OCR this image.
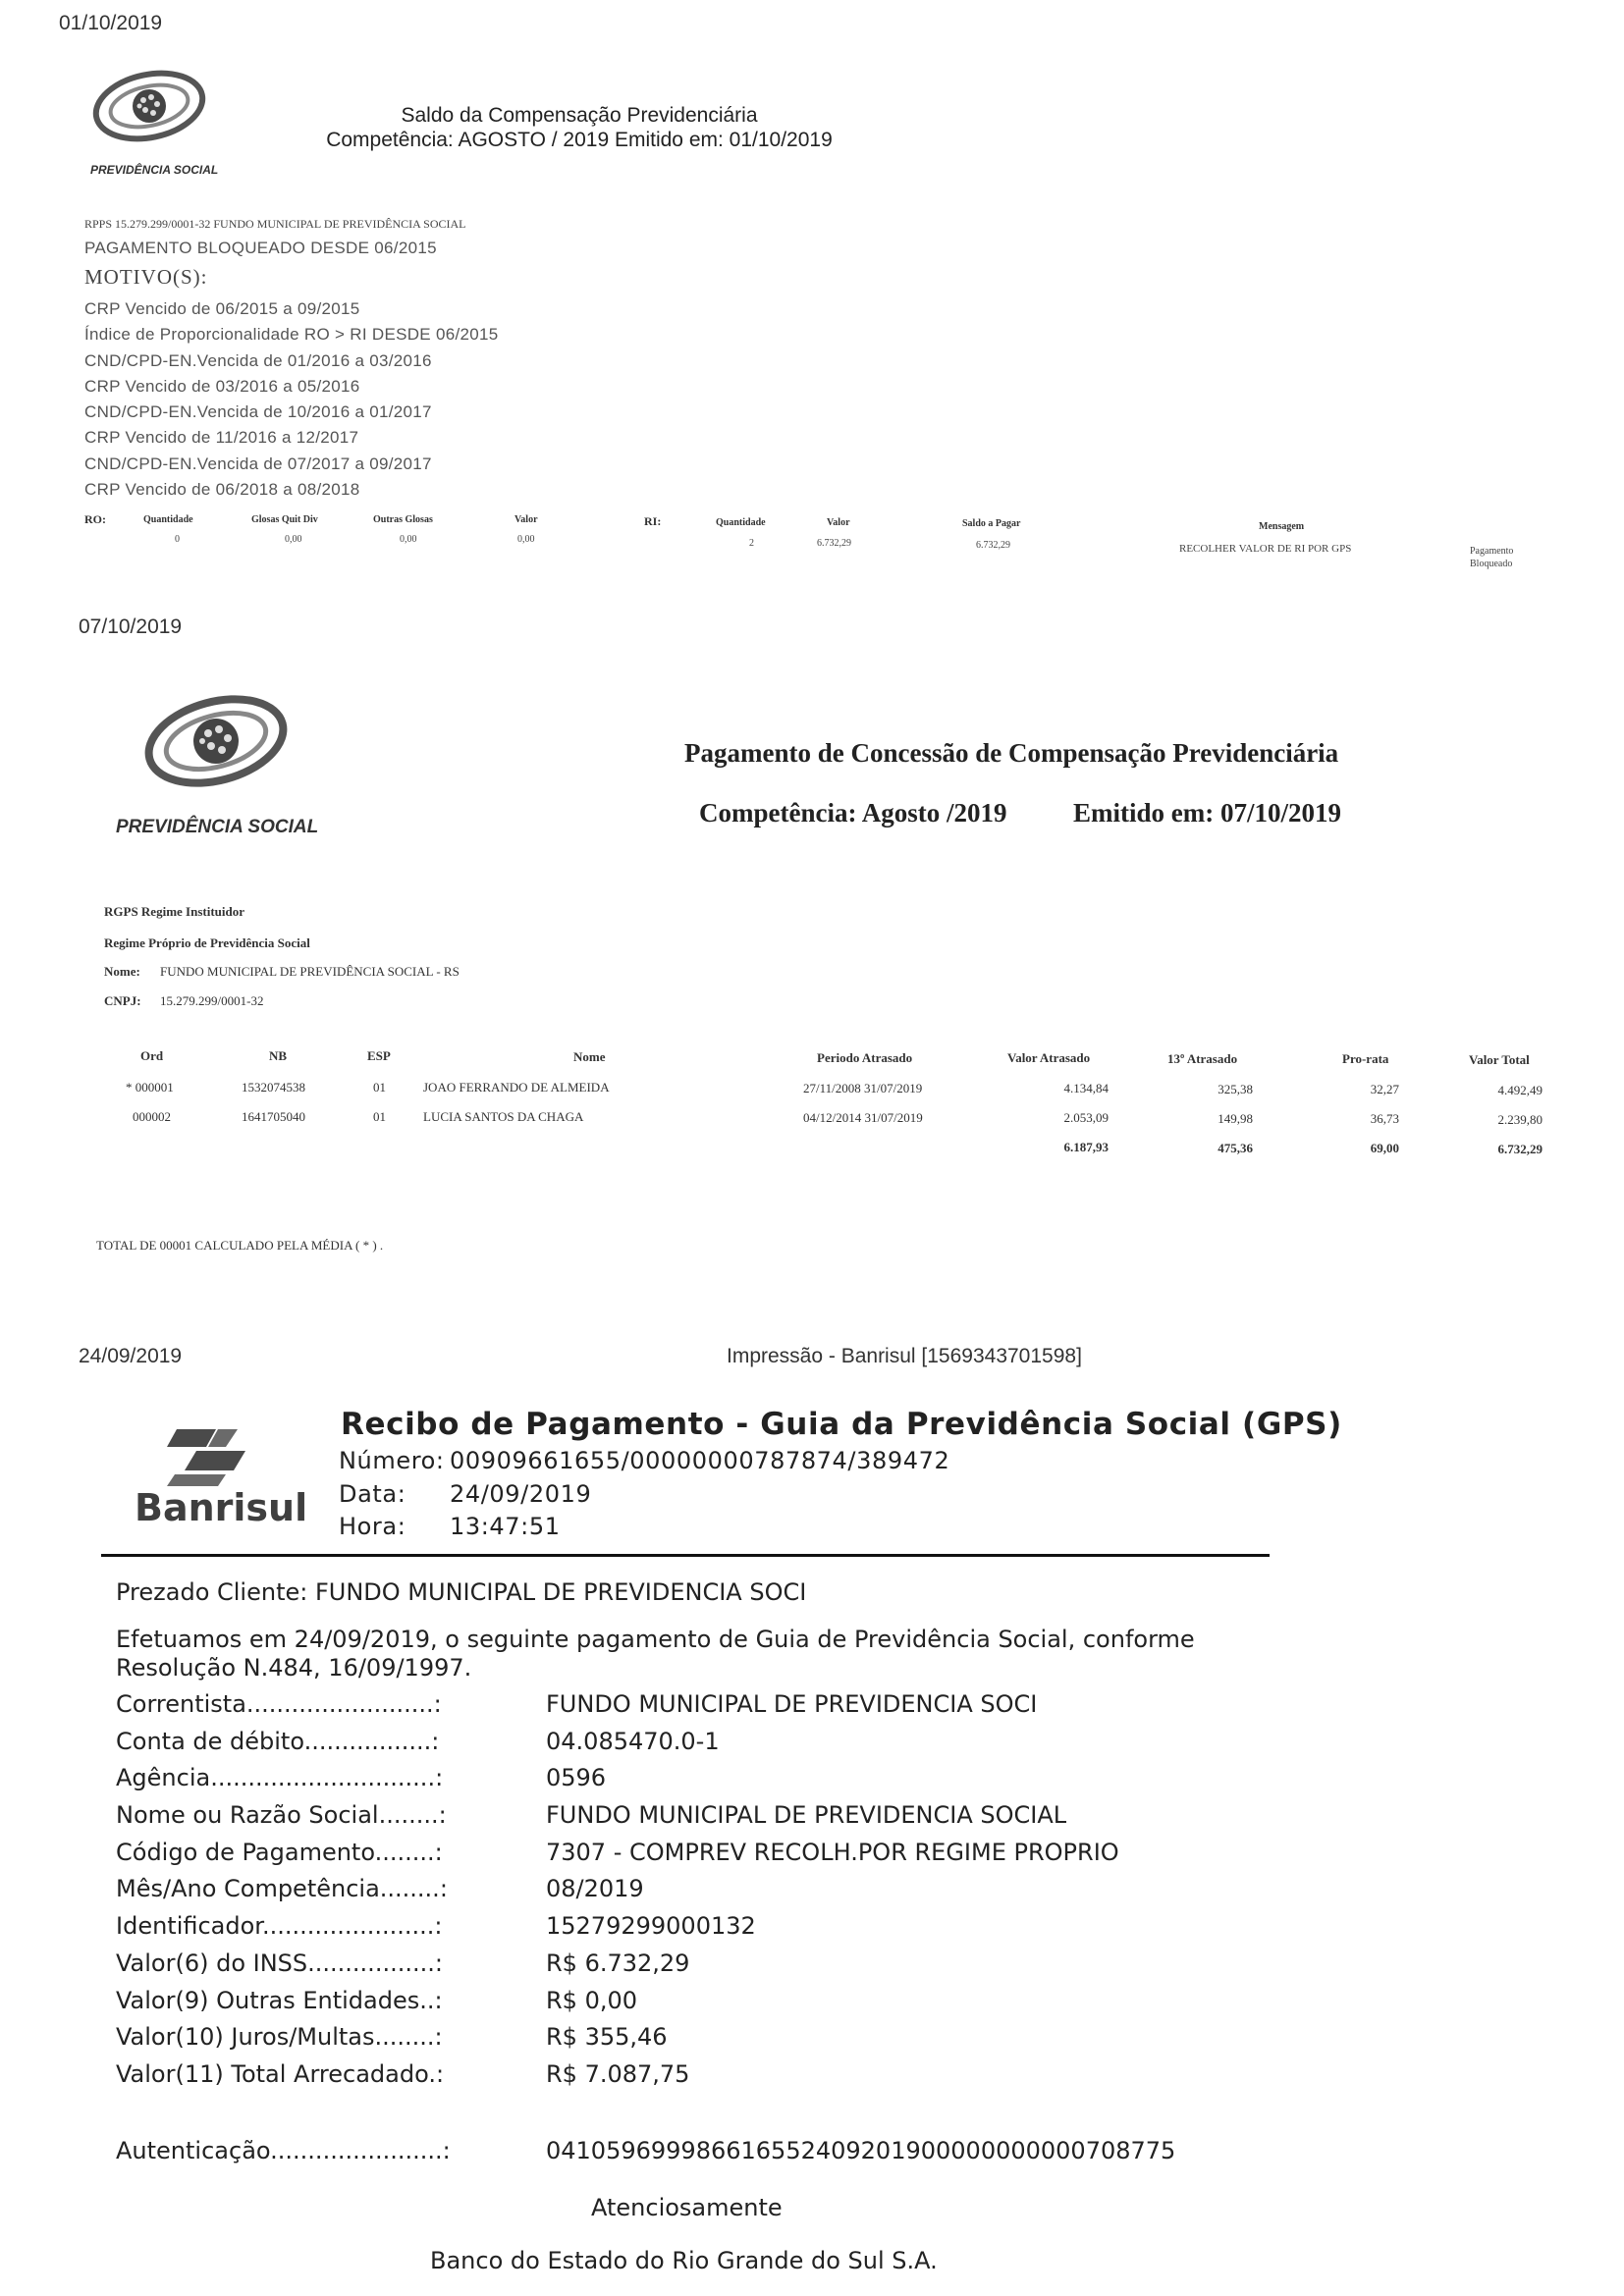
01/10/2019
PREVIDÊNCIA SOCIAL
Saldo da Compensação Previdenciária
Competência: AGOSTO / 2019 Emitido em: 01/10/2019
RPPS 15.279.299/0001-32 FUNDO MUNICIPAL DE PREVIDÊNCIA SOCIAL
PAGAMENTO BLOQUEADO DESDE 06/2015
MOTIVO(S):
CRP Vencido de 06/2015 a 09/2015
Índice de Proporcionalidade RO > RI DESDE 06/2015
CND/CPD-EN.Vencida de 01/2016 a 03/2016
CRP Vencido de 03/2016 a 05/2016
CND/CPD-EN.Vencida de 10/2016 a 01/2017
CRP Vencido de 11/2016 a 12/2017
CND/CPD-EN.Vencida de 07/2017 a 09/2017
CRP Vencido de 06/2018 a 08/2018
RO:	Quantidade	Glosas Quit Div	Outras Glosas	Valor	RI:	Quantidade	Valor	Saldo a Pagar	Mensagem
0	0,00	0,00	0,00	2	6.732,29	6.732,29	RECOLHER VALOR DE RI POR GPS	Pagamento
Bloqueado
07/10/2019
PREVIDÊNCIA SOCIAL
Pagamento de Concessão de Compensação Previdenciária
Competência: Agosto /2019	Emitido em: 07/10/2019
RGPS Regime Instituidor
Regime Próprio de Previdência Social
Nome: FUNDO MUNICIPAL DE PREVIDÊNCIA SOCIAL - RS
CNPJ: 15.279.299/0001-32
Ord	NB	ESP	Nome	Periodo Atrasado	Valor Atrasado	13º Atrasado	Pro-rata	Valor Total
* 000001	1532074538	01	JOAO FERRANDO DE ALMEIDA	27/11/2008 31/07/2019	4.134,84	325,38	32,27	4.492,49
000002	1641705040	01	LUCIA SANTOS DA CHAGA	04/12/2014 31/07/2019	2.053,09	149,98	36,73	2.239,80
6.187,93	475,36	69,00	6.732,29
TOTAL DE 00001 CALCULADO PELA MÉDIA ( * ) .
24/09/2019	Impressão - Banrisul [1569343701598]
Banrisul
Recibo de Pagamento - Guia da Previdência Social (GPS)
Número: 00909661655/00000000787874/389472
Data: 24/09/2019
Hora: 13:47:51
Prezado Cliente: FUNDO MUNICIPAL DE PREVIDENCIA SOCI
Efetuamos em 24/09/2019, o seguinte pagamento de Guia de Previdência Social, conforme
Resolução N.484, 16/09/1997.
Correntista.........................:	FUNDO MUNICIPAL DE PREVIDENCIA SOCI
Conta de débito.................:	04.085470.0-1
Agência..............................:	0596
Nome ou Razão Social........:	FUNDO MUNICIPAL DE PREVIDENCIA SOCIAL
Código de Pagamento........:	7307 - COMPREV RECOLH.POR REGIME PROPRIO
Mês/Ano Competência........:	08/2019
Identificador.......................:	15279299000132
Valor(6) do INSS.................:	R$ 6.732,29
Valor(9) Outras Entidades..:	R$ 0,00
Valor(10) Juros/Multas........:	R$ 355,46
Valor(11) Total Arrecadado.:	R$ 7.087,75
Autenticação.......................:	041059699986616552409201900000000000708775
Atenciosamente
Banco do Estado do Rio Grande do Sul S.A.
